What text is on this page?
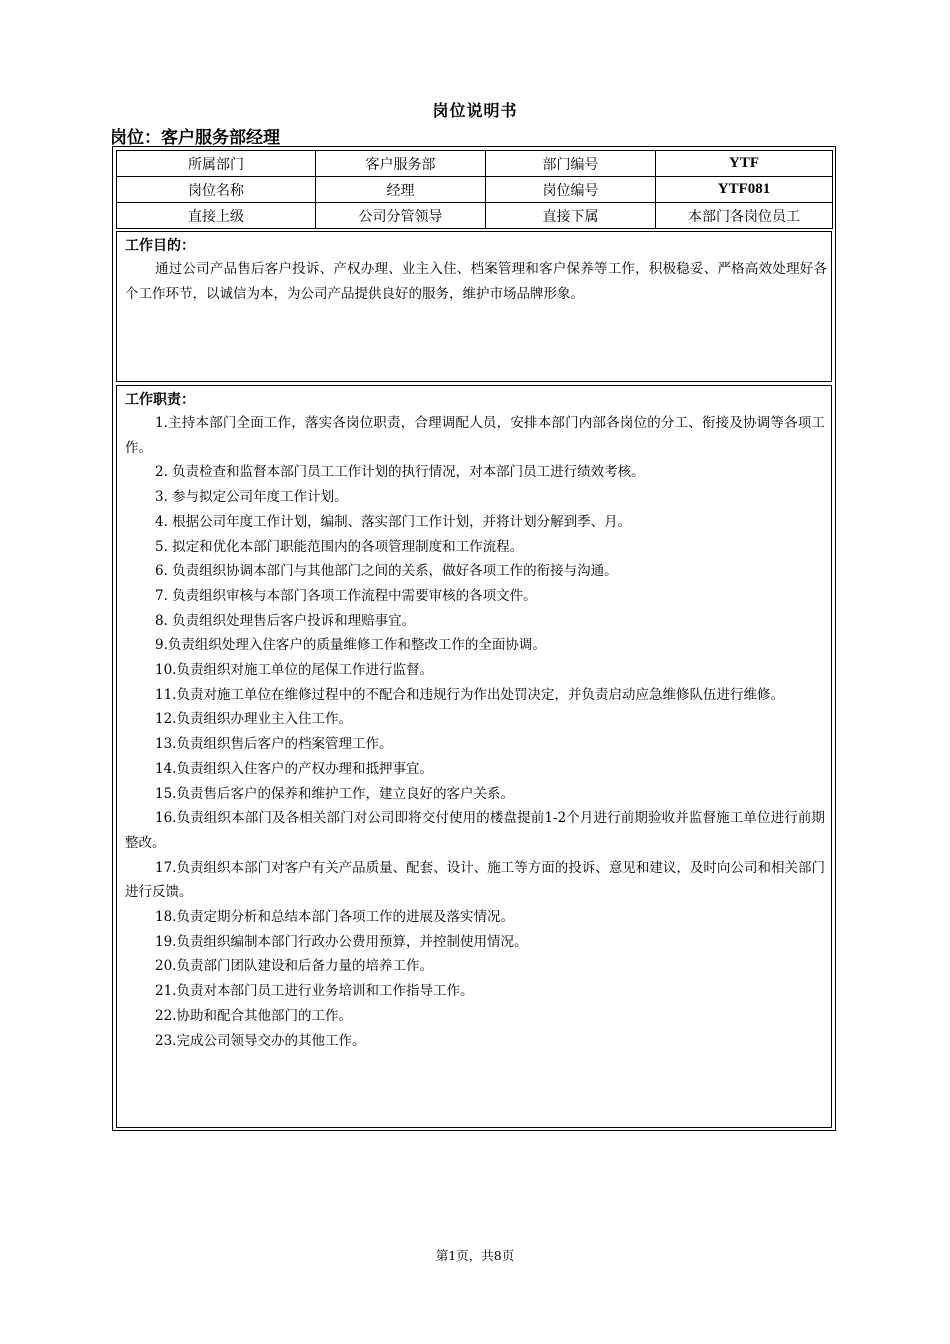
岗位说明书
岗位：客户服务部经理
所属部门	客户服务部	部门编号	YTF
岗位名称	经理	岗位编号	YTF081
直接上级	公司分管领导	直接下属	本部门各岗位员工
工作目的：

通过公司产品售后客户投诉、产权办理、业主入住、档案管理和客户保养等工作，积极稳妥、严格高效处理好各个工作环节，以诚信为本，为公司产品提供良好的服务，维护市场品牌形象。

工作职责：
1.主持本部门全面工作，落实各岗位职责，合理调配人员，安排本部门内部各岗位的分工、衔接及协调等各项工作。
2. 负责检查和监督本部门员工工作计划的执行情况，对本部门员工进行绩效考核。
3. 参与拟定公司年度工作计划。
4. 根据公司年度工作计划，编制、落实部门工作计划，并将计划分解到季、月。
5. 拟定和优化本部门职能范围内的各项管理制度和工作流程。
6. 负责组织协调本部门与其他部门之间的关系，做好各项工作的衔接与沟通。
7. 负责组织审核与本部门各项工作流程中需要审核的各项文件。
8. 负责组织处理售后客户投诉和理赔事宜。
9.负责组织处理入住客户的质量维修工作和整改工作的全面协调。
10.负责组织对施工单位的尾保工作进行监督。
11.负责对施工单位在维修过程中的不配合和违规行为作出处罚决定，并负责启动应急维修队伍进行维修。
12.负责组织办理业主入住工作。
13.负责组织售后客户的档案管理工作。
14.负责组织入住客户的产权办理和抵押事宜。
15.负责售后客户的保养和维护工作，建立良好的客户关系。
16.负责组织本部门及各相关部门对公司即将交付使用的楼盘提前1-2个月进行前期验收并监督施工单位进行前期整改。
17.负责组织本部门对客户有关产品质量、配套、设计、施工等方面的投诉、意见和建议，及时向公司和相关部门进行反馈。
18.负责定期分析和总结本部门各项工作的进展及落实情况。
19.负责组织编制本部门行政办公费用预算，并控制使用情况。
20.负责部门团队建设和后备力量的培养工作。
21.负责对本部门员工进行业务培训和工作指导工作。
22.协助和配合其他部门的工作。
23.完成公司领导交办的其他工作。
第1页，共8页
